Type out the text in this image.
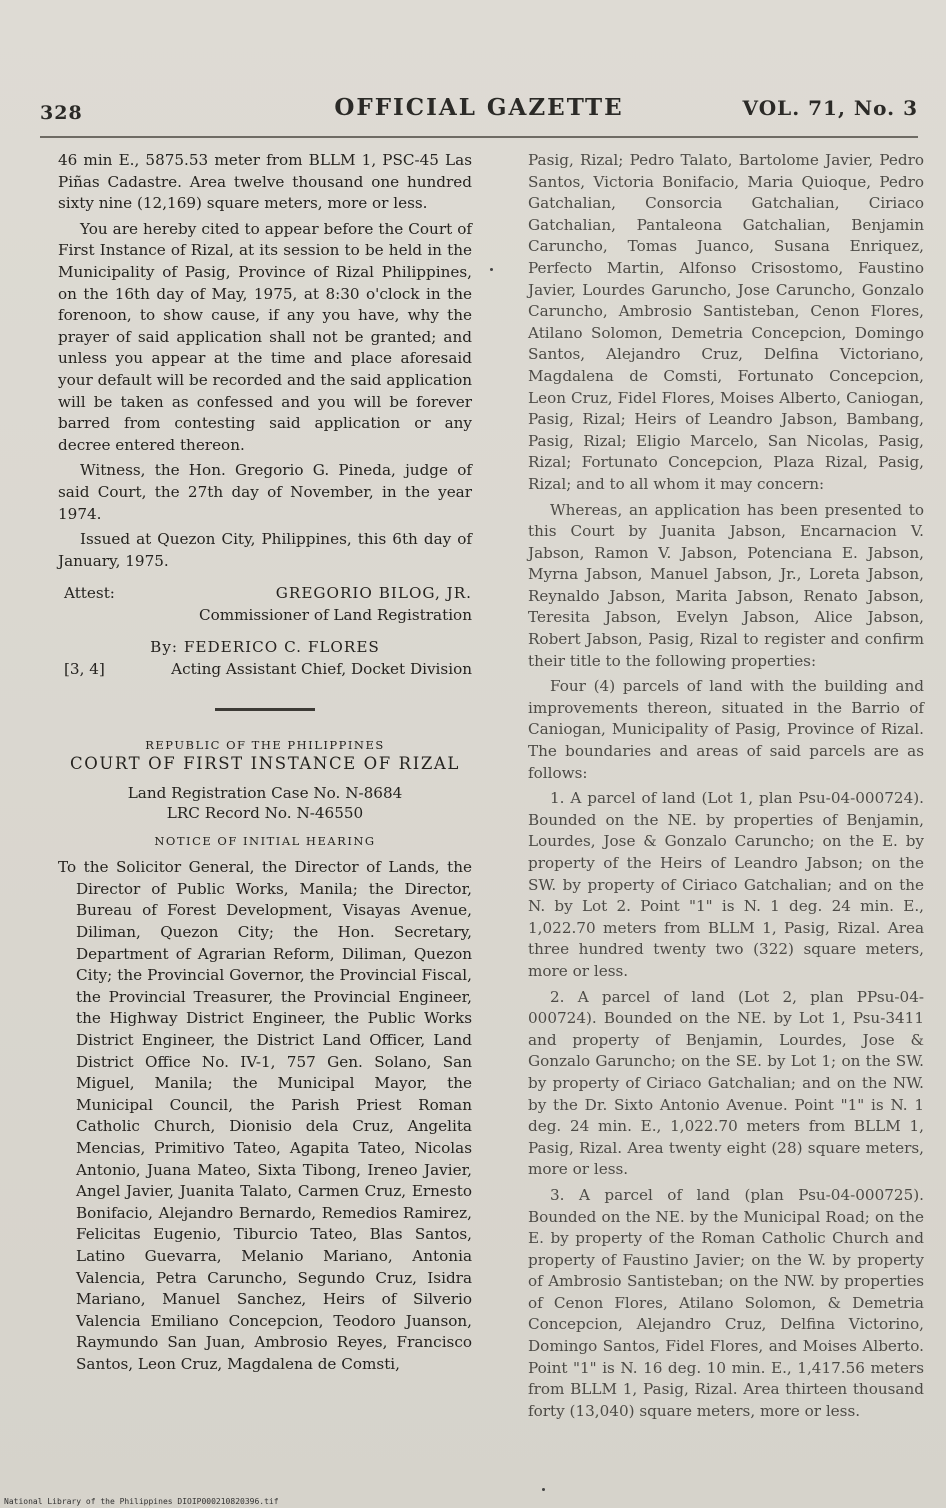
328	OFFICIAL GAZETTE	VOL. 71, No. 3

46 min E., 5875.53 meter from BLLM 1, PSC-45 Las Piñas Cadastre. Area twelve thousand one hundred sixty nine (12,169) square meters, more or less.

You are hereby cited to appear before the Court of First Instance of Rizal, at its session to be held in the Municipality of Pasig, Province of Rizal Philippines, on the 16th day of May, 1975, at 8:30 o'clock in the forenoon, to show cause, if any you have, why the prayer of said application shall not be granted; and unless you appear at the time and place aforesaid your default will be recorded and the said application will be taken as confessed and you will be forever barred from contesting said application or any decree entered thereon.

Witness, the Hon. Gregorio G. Pineda, judge of said Court, the 27th day of November, in the year 1974.

Issued at Quezon City, Philippines, this 6th day of January, 1975.

Attest:	GREGORIO BILOG, JR.
Commissioner of Land Registration
By: FEDERICO C. FLORES
[3, 4]	Acting Assistant Chief, Docket Division
REPUBLIC OF THE PHILIPPINES
COURT OF FIRST INSTANCE OF RIZAL
Land Registration Case No. N-8684
LRC Record No. N-46550
NOTICE OF INITIAL HEARING

To the Solicitor General, the Director of Lands, the Director of Public Works, Manila; the Director, Bureau of Forest Development, Visayas Avenue, Diliman, Quezon City; the Hon. Secretary, Department of Agrarian Reform, Diliman, Quezon City; the Provincial Governor, the Provincial Fiscal, the Provincial Treasurer, the Provincial Engineer, the Highway District Engineer, the Public Works District Engineer, the District Land Officer, Land District Office No. IV-1, 757 Gen. Solano, San Miguel, Manila; the Municipal Mayor, the Municipal Council, the Parish Priest Roman Catholic Church, Dionisio dela Cruz, Angelita Mencias, Primitivo Tateo, Agapita Tateo, Nicolas Antonio, Juana Mateo, Sixta Tibong, Ireneo Javier, Angel Javier, Juanita Talato, Carmen Cruz, Ernesto Bonifacio, Alejandro Bernardo, Remedios Ramirez, Felicitas Eugenio, Tiburcio Tateo, Blas Santos, Latino Guevarra, Melanio Mariano, Antonia Valencia, Petra Caruncho, Segundo Cruz, Isidra Mariano, Manuel Sanchez, Heirs of Silverio Valencia Emiliano Concepcion, Teodoro Juanson, Raymundo San Juan, Ambrosio Reyes, Francisco Santos, Leon Cruz, Magdalena de Comsti,

Pasig, Rizal; Pedro Talato, Bartolome Javier, Pedro Santos, Victoria Bonifacio, Maria Quioque, Pedro Gatchalian, Consorcia Gatchalian, Ciriaco Gatchalian, Pantaleona Gatchalian, Benjamin Caruncho, Tomas Juanco, Susana Enriquez, Perfecto Martin, Alfonso Crisostomo, Faustino Javier, Lourdes Garuncho, Jose Caruncho, Gonzalo Caruncho, Ambrosio Santisteban, Cenon Flores, Atilano Solomon, Demetria Concepcion, Domingo Santos, Alejandro Cruz, Delfina Victoriano, Magdalena de Comsti, Fortunato Concepcion, Leon Cruz, Fidel Flores, Moises Alberto, Caniogan, Pasig, Rizal; Heirs of Leandro Jabson, Bambang, Pasig, Rizal; Eligio Marcelo, San Nicolas, Pasig, Rizal; Fortunato Concepcion, Plaza Rizal, Pasig, Rizal; and to all whom it may concern:

Whereas, an application has been presented to this Court by Juanita Jabson, Encarnacion V. Jabson, Ramon V. Jabson, Potenciana E. Jabson, Myrna Jabson, Manuel Jabson, Jr., Loreta Jabson, Reynaldo Jabson, Marita Jabson, Renato Jabson, Teresita Jabson, Evelyn Jabson, Alice Jabson, Robert Jabson, Pasig, Rizal to register and confirm their title to the following properties:

Four (4) parcels of land with the building and improvements thereon, situated in the Barrio of Caniogan, Municipality of Pasig, Province of Rizal. The boundaries and areas of said parcels are as follows:

1. A parcel of land (Lot 1, plan Psu-04-000724). Bounded on the NE. by properties of Benjamin, Lourdes, Jose & Gonzalo Caruncho; on the E. by property of the Heirs of Leandro Jabson; on the SW. by property of Ciriaco Gatchalian; and on the N. by Lot 2. Point "1" is N. 1 deg. 24 min. E., 1,022.70 meters from BLLM 1, Pasig, Rizal. Area three hundred twenty two (322) square meters, more or less.

2. A parcel of land (Lot 2, plan PPsu-04-000724). Bounded on the NE. by Lot 1, Psu-3411 and property of Benjamin, Lourdes, Jose & Gonzalo Garuncho; on the SE. by Lot 1; on the SW. by property of Ciriaco Gatchalian; and on the NW. by the Dr. Sixto Antonio Avenue. Point "1" is N. 1 deg. 24 min. E., 1,022.70 meters from BLLM 1, Pasig, Rizal. Area twenty eight (28) square meters, more or less.

3. A parcel of land (plan Psu-04-000725). Bounded on the NE. by the Municipal Road; on the E. by property of the Roman Catholic Church and property of Faustino Javier; on the W. by property of Ambrosio Santisteban; on the NW. by properties of Cenon Flores, Atilano Solomon, & Demetria Concepcion, Alejandro Cruz, Delfina Victorino, Domingo Santos, Fidel Flores, and Moises Alberto. Point "1" is N. 16 deg. 10 min. E., 1,417.56 meters from BLLM 1, Pasig, Rizal. Area thirteen thousand forty (13,040) square meters, more or less.

National Library of the Philippines DIOIP000210820396.tif
